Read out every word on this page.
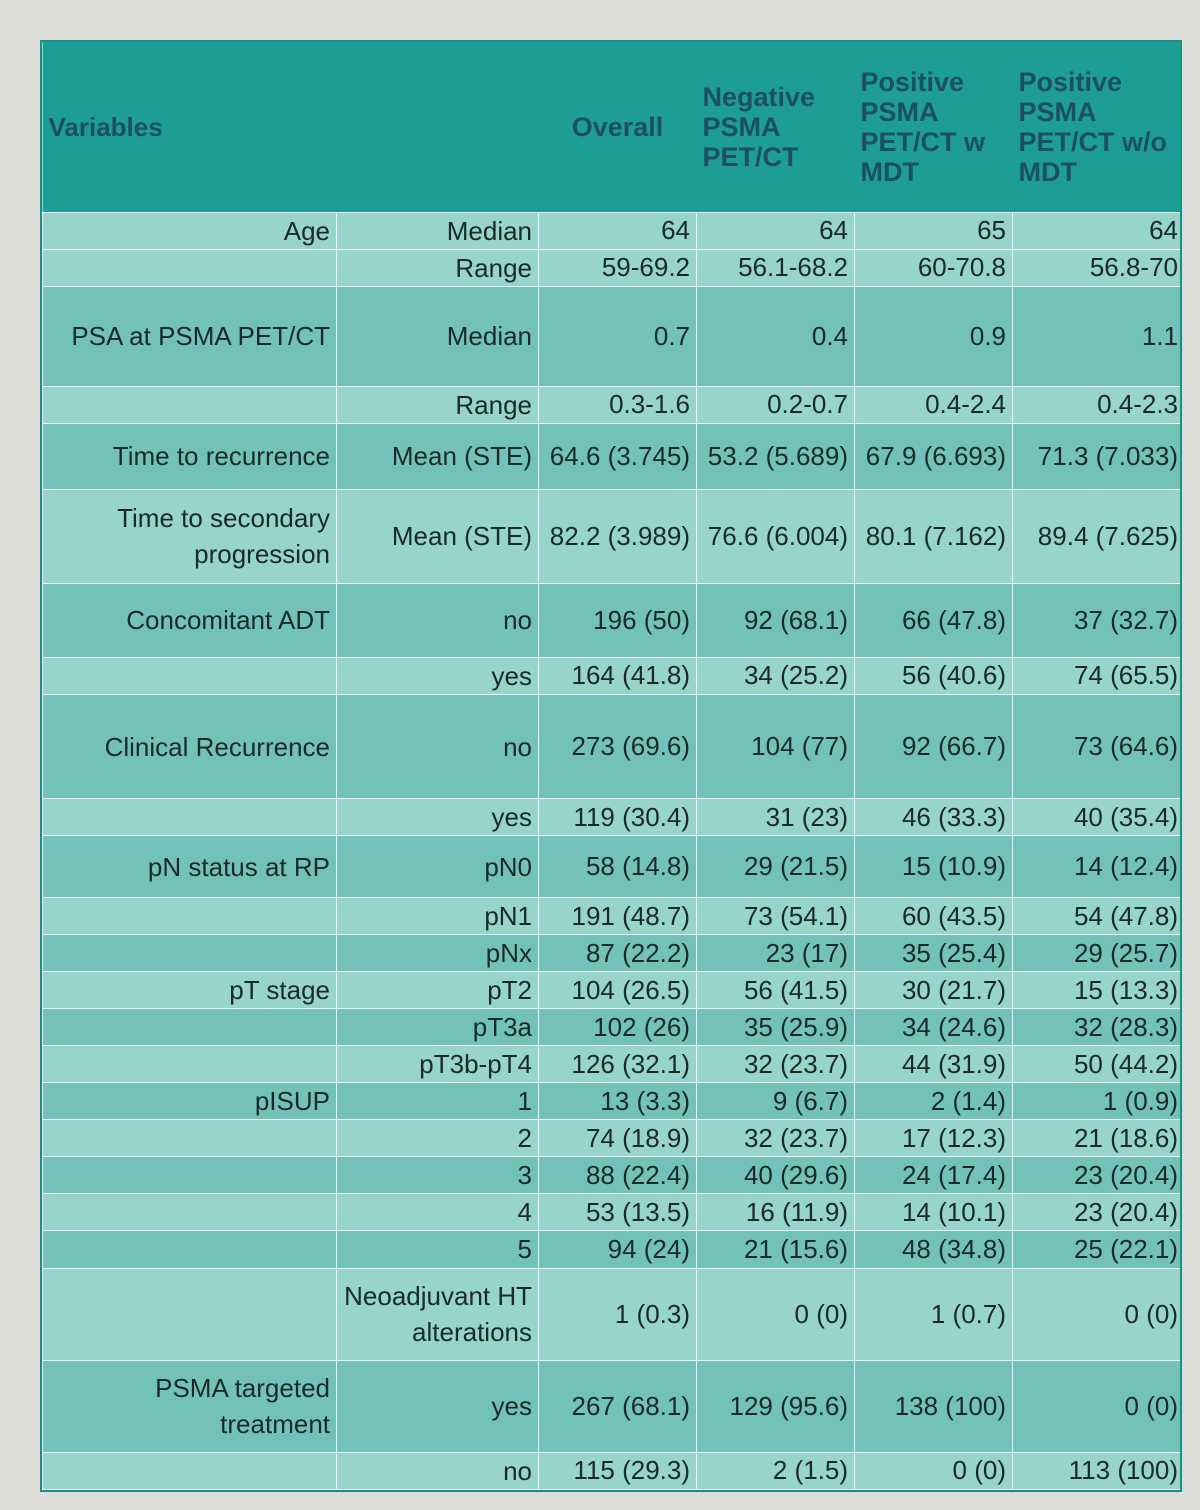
Variables		Overall	Negative PSMA PET/CT	Positive PSMA PET/CT w MDT	Positive PSMA PET/CT w/o MDT
Age	Median	64	64	65	64
	Range	59-69.2	56.1-68.2	60-70.8	56.8-70
PSA at PSMA PET/CT	Median	0.7	0.4	0.9	1.1
	Range	0.3-1.6	0.2-0.7	0.4-2.4	0.4-2.3
Time to recurrence	Mean (STE)	64.6 (3.745)	53.2 (5.689)	67.9 (6.693)	71.3 (7.033)
Time to secondary progression	Mean (STE)	82.2 (3.989)	76.6 (6.004)	80.1 (7.162)	89.4 (7.625)
Concomitant ADT	no	196 (50)	92 (68.1)	66 (47.8)	37 (32.7)
	yes	164 (41.8)	34 (25.2)	56 (40.6)	74 (65.5)
Clinical Recurrence	no	273 (69.6)	104 (77)	92 (66.7)	73 (64.6)
	yes	119 (30.4)	31 (23)	46 (33.3)	40 (35.4)
pN status at RP	pN0	58 (14.8)	29 (21.5)	15 (10.9)	14 (12.4)
	pN1	191 (48.7)	73 (54.1)	60 (43.5)	54 (47.8)
	pNx	87 (22.2)	23 (17)	35 (25.4)	29 (25.7)
pT stage	pT2	104 (26.5)	56 (41.5)	30 (21.7)	15 (13.3)
	pT3a	102 (26)	35 (25.9)	34 (24.6)	32 (28.3)
	pT3b-pT4	126 (32.1)	32 (23.7)	44 (31.9)	50 (44.2)
pISUP	1	13 (3.3)	9 (6.7)	2 (1.4)	1 (0.9)
	2	74 (18.9)	32 (23.7)	17 (12.3)	21 (18.6)
	3	88 (22.4)	40 (29.6)	24 (17.4)	23 (20.4)
	4	53 (13.5)	16 (11.9)	14 (10.1)	23 (20.4)
	5	94 (24)	21 (15.6)	48 (34.8)	25 (22.1)
	Neoadjuvant HT alterations	1 (0.3)	0 (0)	1 (0.7)	0 (0)
PSMA targeted treatment	yes	267 (68.1)	129 (95.6)	138 (100)	0 (0)
	no	115 (29.3)	2 (1.5)	0 (0)	113 (100)
